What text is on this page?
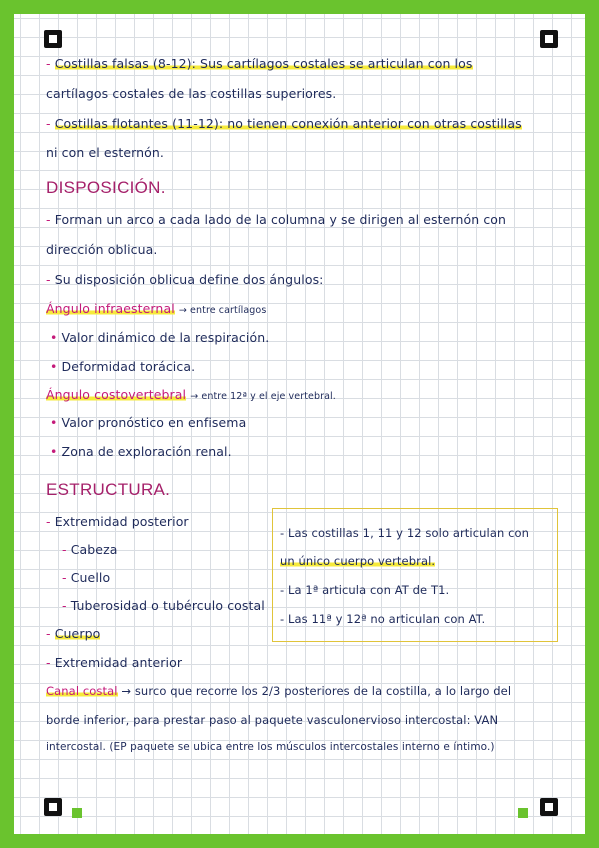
- Costillas falsas (8-12): Sus cartílagos costales se articulan con los
cartílagos costales de las costillas superiores.
- Costillas flotantes (11-12): no tienen conexión anterior con otras costillas
ni con el esternón.
DISPOSICIÓN.
- Forman un arco a cada lado de la columna y se dirigen al esternón con
dirección oblicua.
- Su disposición oblicua define dos ángulos:
Ángulo infraesternal → entre cartílagos
• Valor dinámico de la respiración.
• Deformidad torácica.
Ángulo costovertebral → entre 12ª y el eje vertebral.
• Valor pronóstico en enfisema
• Zona de exploración renal.
ESTRUCTURA.
- Extremidad posterior
- Cabeza
- Cuello
- Tuberosidad o tubérculo costal
- Cuerpo
- Extremidad anterior
- Las costillas 1, 11 y 12 solo articulan con
un único cuerpo vertebral.
- La 1ª articula con AT de T1.
- Las 11ª y 12ª no articulan con AT.
Canal costal → surco que recorre los 2/3 posteriores de la costilla, a lo largo del
borde inferior, para prestar paso al paquete vasculonervioso intercostal: VAN
intercostal. (EP paquete se ubica entre los músculos intercostales interno e íntimo.)
